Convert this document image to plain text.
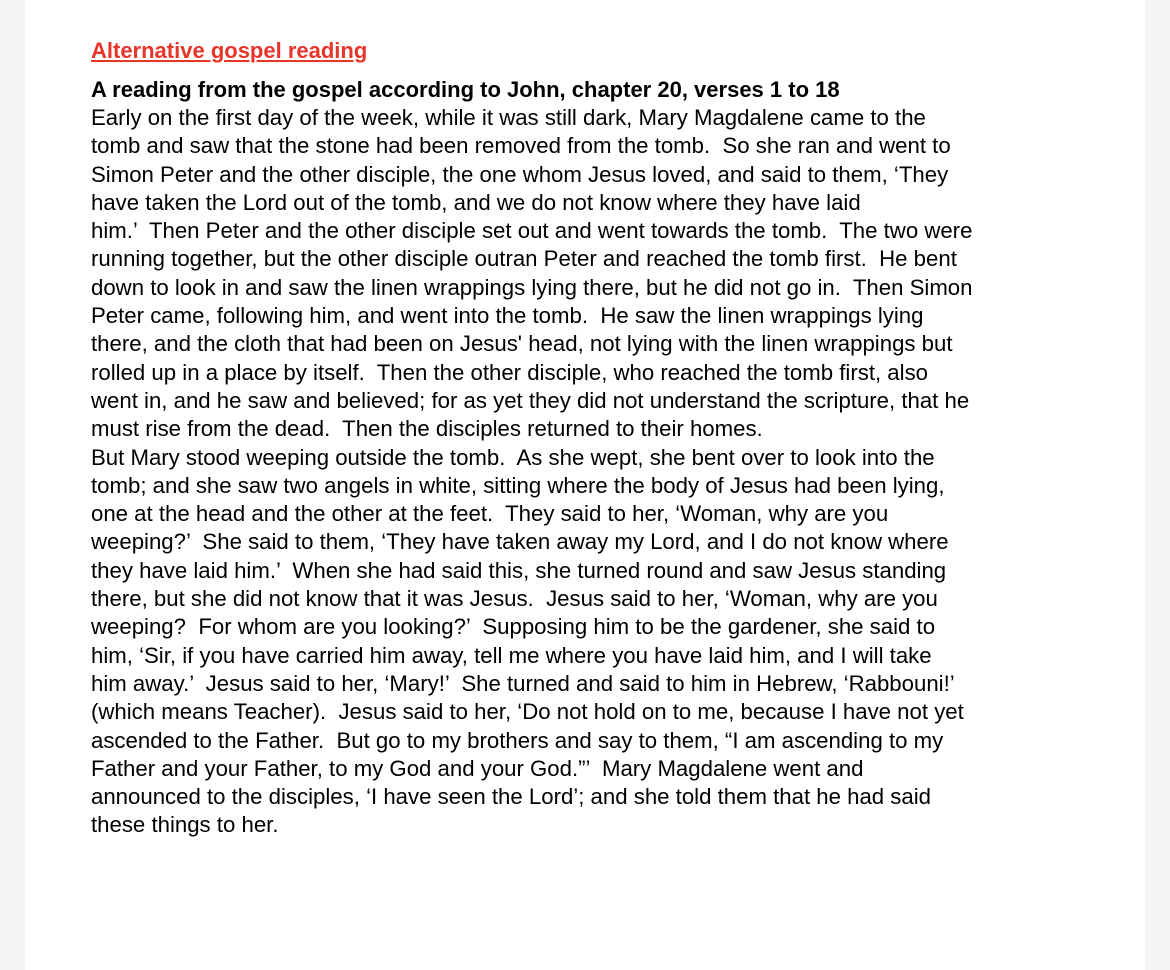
Alternative gospel reading

A reading from the gospel according to John, chapter 20, verses 1 to 18

Early on the first day of the week, while it was still dark, Mary Magdalene came to the
tomb and saw that the stone had been removed from the tomb.  So she ran and went to
Simon Peter and the other disciple, the one whom Jesus loved, and said to them, ‘They
have taken the Lord out of the tomb, and we do not know where they have laid
him.’  Then Peter and the other disciple set out and went towards the tomb.  The two were
running together, but the other disciple outran Peter and reached the tomb first.  He bent
down to look in and saw the linen wrappings lying there, but he did not go in.  Then Simon
Peter came, following him, and went into the tomb.  He saw the linen wrappings lying
there, and the cloth that had been on Jesus' head, not lying with the linen wrappings but
rolled up in a place by itself.  Then the other disciple, who reached the tomb first, also
went in, and he saw and believed; for as yet they did not understand the scripture, that he
must rise from the dead.  Then the disciples returned to their homes.

But Mary stood weeping outside the tomb.  As she wept, she bent over to look into the
tomb; and she saw two angels in white, sitting where the body of Jesus had been lying,
one at the head and the other at the feet.  They said to her, ‘Woman, why are you
weeping?’  She said to them, ‘They have taken away my Lord, and I do not know where
they have laid him.’  When she had said this, she turned round and saw Jesus standing
there, but she did not know that it was Jesus.  Jesus said to her, ‘Woman, why are you
weeping?  For whom are you looking?’  Supposing him to be the gardener, she said to
him, ‘Sir, if you have carried him away, tell me where you have laid him, and I will take
him away.’  Jesus said to her, ‘Mary!’  She turned and said to him in Hebrew, ‘Rabbouni!’
(which means Teacher).  Jesus said to her, ‘Do not hold on to me, because I have not yet
ascended to the Father.  But go to my brothers and say to them, “I am ascending to my
Father and your Father, to my God and your God.”’  Mary Magdalene went and
announced to the disciples, ‘I have seen the Lord’; and she told them that he had said
these things to her.
